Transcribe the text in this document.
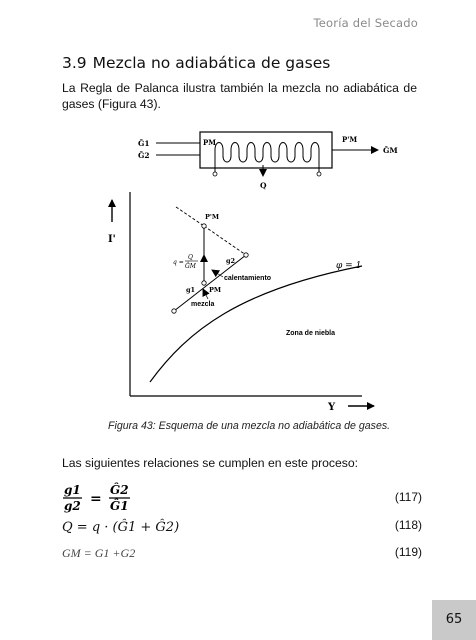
Teoría del Secado
3.9 Mezcla no adiabática de gases

La Regla de Palanca ilustra también la mezcla no adiabática de gases (Figura 43).

Ĝ1
Ĝ2
PM
Q
P'M
ĜM
I'
Y
φ = 1
Zona de niebla
P'M
g2
PM
g1
q =
Q
ĜM
calentamiento
mezcla

Figura 43: Esquema de una mezcla no adiabática de gases.

Las siguientes relaciones se cumplen en este proceso:

g1
g2 =
Ĝ2
Ĝ1
(117)
Q = q · (Ĝ1 + Ĝ2)	(118)
GM = G1 +G2	(119)
65
